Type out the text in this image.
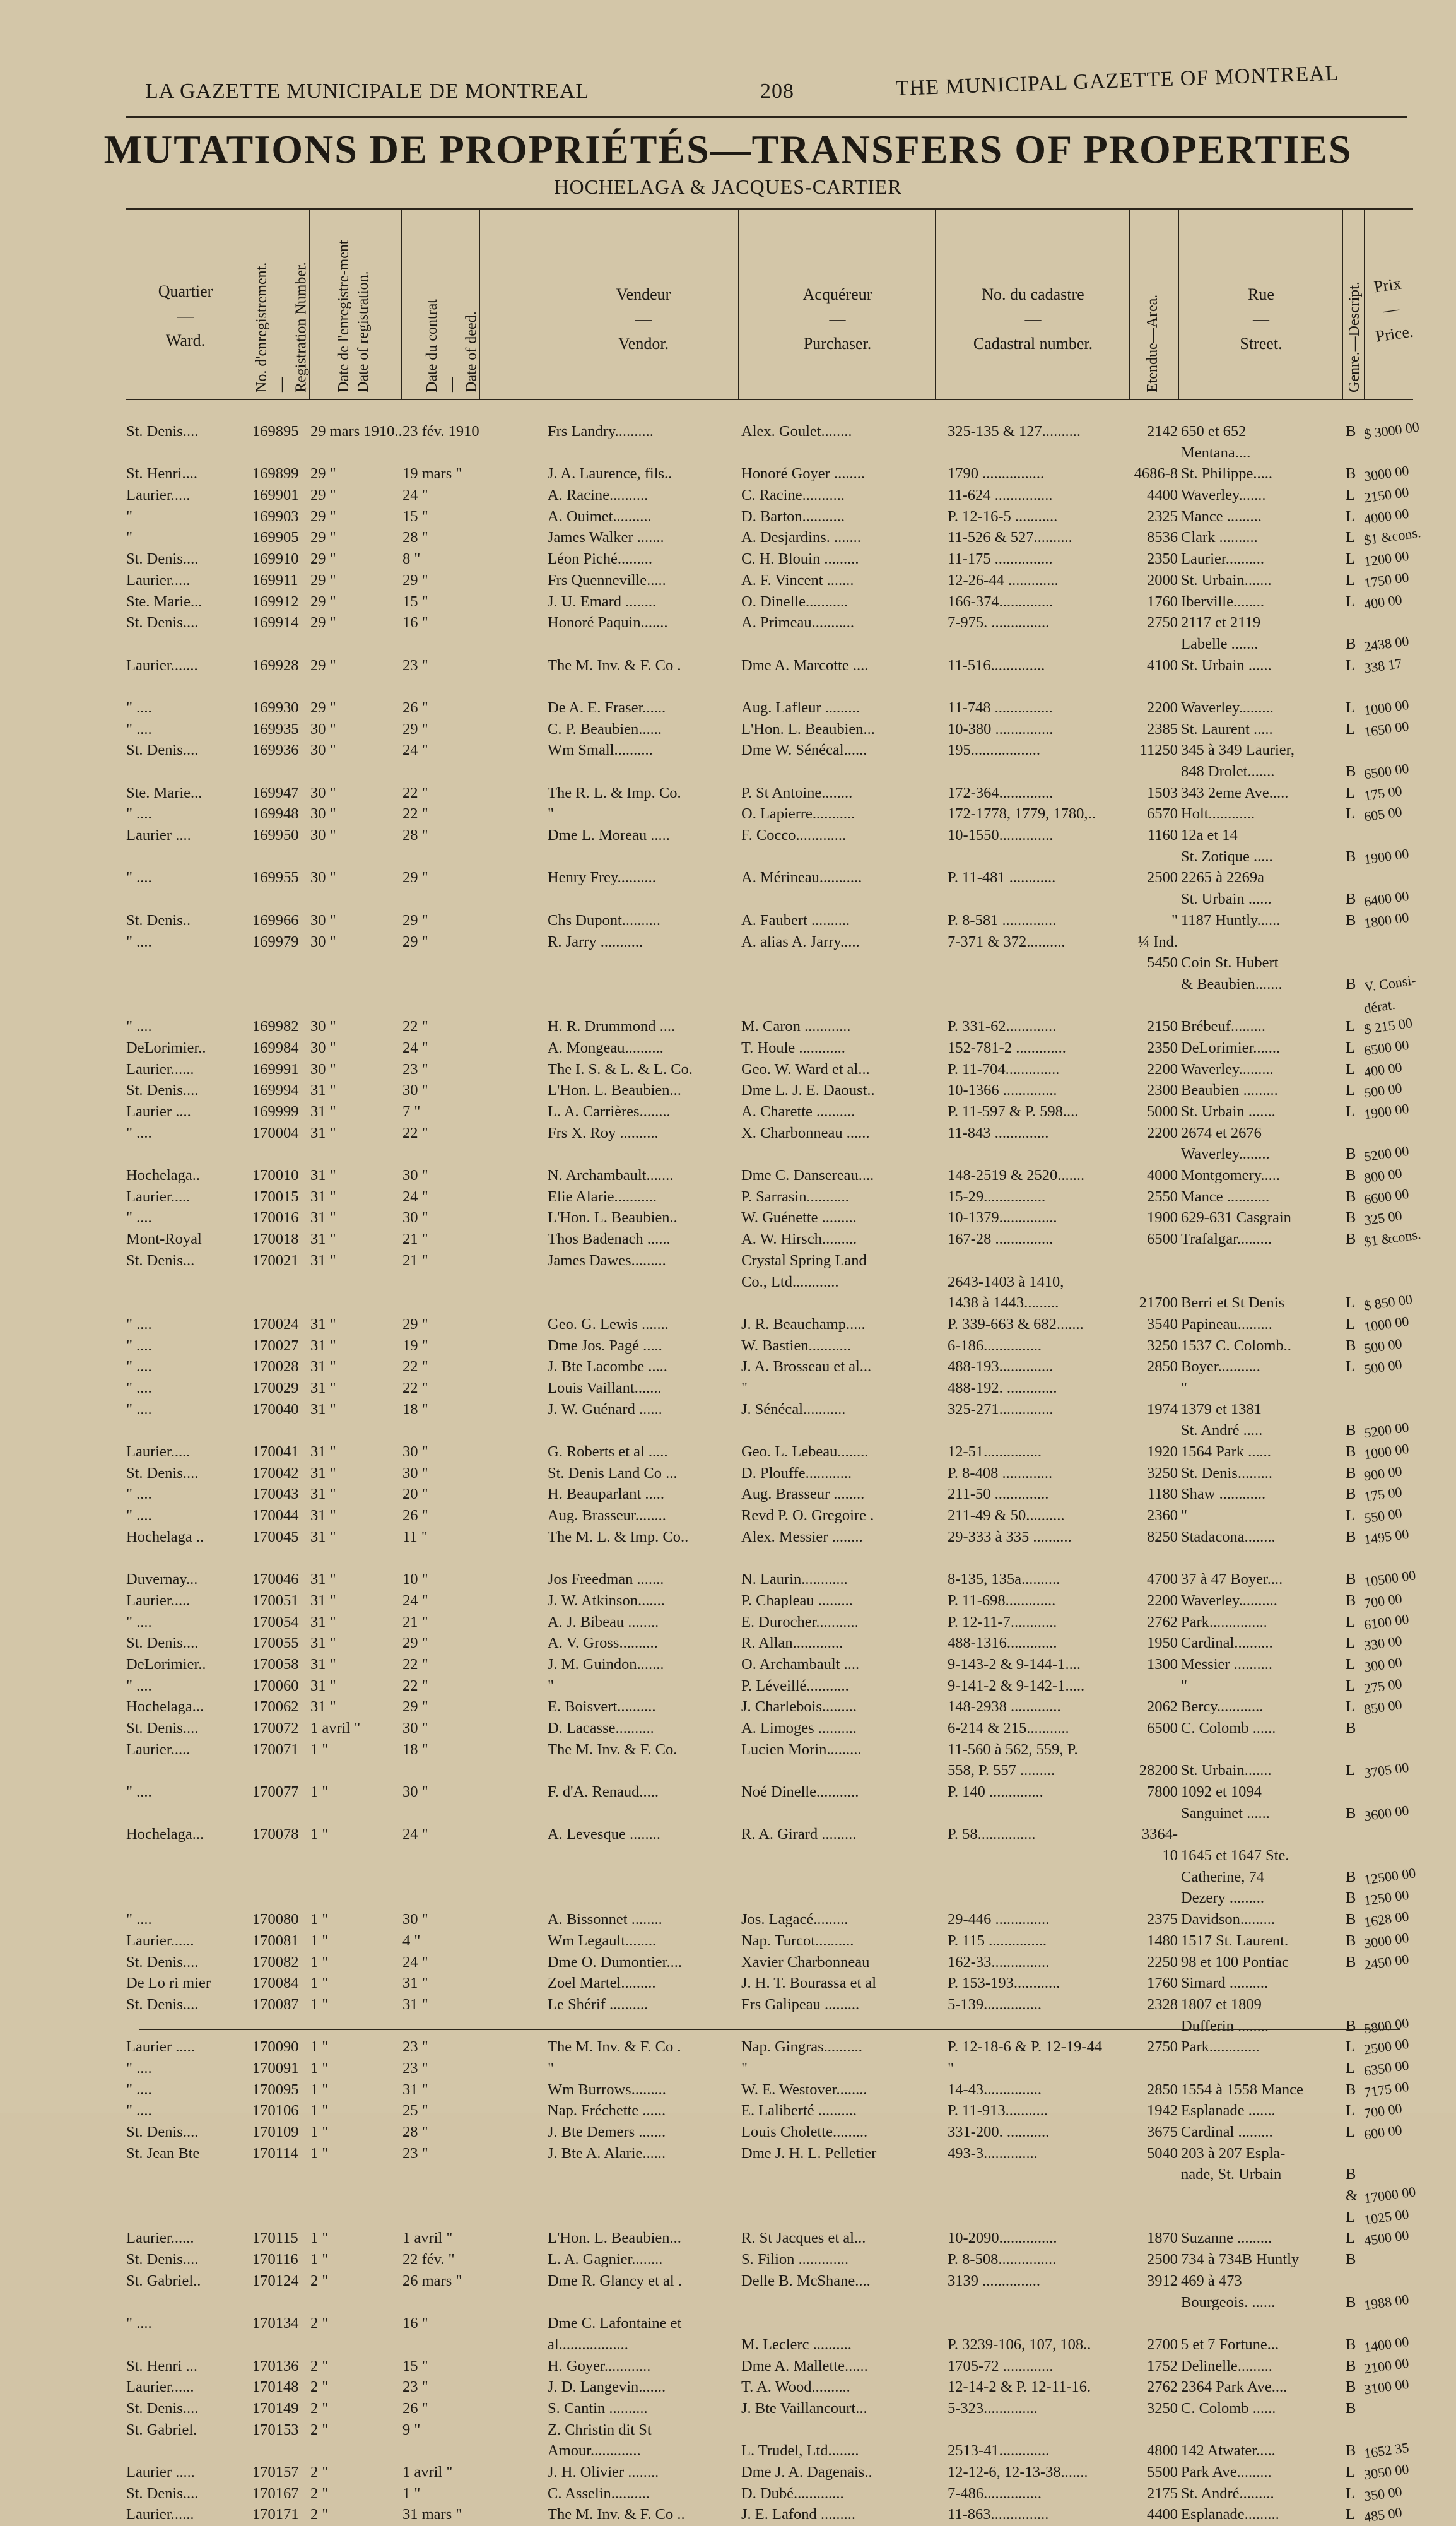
LA GAZETTE MUNICIPALE DE MONTREAL	208	THE MUNICIPAL GAZETTE OF MONTREAL
MUTATIONS DE PROPRIÉTÉS—TRANSFERS OF PROPERTIES
HOCHELAGA & JACQUES-CARTIER
Quartier
—
Ward.	No. d'enregistrement. — Registration Number. Date de l'enregistre-ment Date of registration.	Date du contrat — Date of deed.
Vendeur
—
Vendor.
Acquéreur
—
Purchaser.
No. du cadastre
—
Cadastral number.	Etendue—Area.
Rue
—
Street.	Genre.—Descript. Prix
—
Price.
St. Denis....	169895 29 mars 1910.. 23 fév. 1910	Frs Landry..........	Alex. Goulet........	325-135 & 127..........	2142 650 et 652	B $ 3000 00
Mentana....
St. Henri....	169899 29 "	19 mars "	J. A. Laurence, fils..	Honoré Goyer ........	1790 ................	4686-8 St. Philippe.....	B 3000 00
Laurier.....	169901 29 "	24 "	A. Racine..........	C. Racine...........	11-624 ...............	4400 Waverley.......	L 2150 00
"	169903 29 "	15 "	A. Ouimet..........	D. Barton...........	P. 12-16-5 ...........	2325 Mance .........	L 4000 00
"	169905 29 "	28 "	James Walker .......	A. Desjardins. .......	11-526 & 527..........	8536 Clark ..........	L $1 &cons.
St. Denis....	169910 29 "	8 "	Léon Piché.........	C. H. Blouin .........	11-175 ...............	2350 Laurier..........	L 1200 00
Laurier.....	169911 29 "	29 "	Frs Quenneville.....	A. F. Vincent .......	12-26-44 .............	2000 St. Urbain.......	L 1750 00
Ste. Marie...	169912 29 "	15 "	J. U. Emard ........	O. Dinelle...........	166-374..............	1760 Iberville........	L 400 00
St. Denis....	169914 29 "	16 "	Honoré Paquin.......	A. Primeau...........	7-975. ...............	2750 2117 et 2119
Labelle .......	B 2438 00
Laurier.......	169928 29 "	23 "	The M. Inv. & F. Co .	Dme A. Marcotte ....	11-516..............	4100 St. Urbain ......	L 338 17
" ....	169930 29 "	26 "	De A. E. Fraser......	Aug. Lafleur .........	11-748 ...............	2200 Waverley.........	L 1000 00
" ....	169935 30 "	29 "	C. P. Beaubien......	L'Hon. L. Beaubien...	10-380 ...............	2385 St. Laurent .....	L 1650 00
St. Denis....	169936 30 "	24 "	Wm Small..........	Dme W. Sénécal......	195..................	11250 345 à 349 Laurier,
848 Drolet.......	B 6500 00
Ste. Marie...	169947 30 "	22 "	The R. L. & Imp. Co.	P. St Antoine........	172-364..............	1503 343 2eme Ave.....	L 175 00
" ....	169948 30 "	22 "	"	O. Lapierre...........	172-1778, 1779, 1780,..	6570 Holt............	L 605 00
Laurier ....	169950 30 "	28 "	Dme L. Moreau .....	F. Cocco.............	10-1550..............	1160 12a et 14
St. Zotique .....	B 1900 00
" ....	169955 30 "	29 "	Henry Frey..........	A. Mérineau...........	P. 11-481 ............	2500 2265 à 2269a
St. Urbain ......	B 6400 00
St. Denis..	169966 30 "	29 "	Chs Dupont..........	A. Faubert ..........	P. 8-581 ..............	" 1187 Huntly......	B 1800 00
" ....	169979 30 "	29 "	R. Jarry ...........	A. alias A. Jarry.....	7-371 & 372..........	¼ Ind.
5450 Coin St. Hubert
& Beaubien.......	B V. Consi-
dérat.
" ....	169982 30 "	22 "	H. R. Drummond ....	M. Caron ............	P. 331-62.............	2150 Brébeuf.........	L $ 215 00
DeLorimier..	169984 30 "	24 "	A. Mongeau..........	T. Houle ............	152-781-2 .............	2350 DeLorimier.......	L 6500 00
Laurier......	169991 30 "	23 "	The I. S. & L. & L. Co.	Geo. W. Ward et al...	P. 11-704..............	2200 Waverley.........	L 400 00
St. Denis....	169994 31 "	30 "	L'Hon. L. Beaubien...	Dme L. J. E. Daoust..	10-1366 ..............	2300 Beaubien .........	L 500 00
Laurier ....	169999 31 "	7 "	L. A. Carrières........	A. Charette ..........	P. 11-597 & P. 598....	5000 St. Urbain .......	L 1900 00
" ....	170004 31 "	22 "	Frs X. Roy ..........	X. Charbonneau ......	11-843 ..............	2200 2674 et 2676
Waverley........	B 5200 00
Hochelaga..	170010 31 "	30 "	N. Archambault.......	Dme C. Dansereau....	148-2519 & 2520.......	4000 Montgomery.....	B 800 00
Laurier.....	170015 31 "	24 "	Elie Alarie...........	P. Sarrasin...........	15-29................	2550 Mance ...........	B 6600 00
" ....	170016 31 "	30 "	L'Hon. L. Beaubien..	W. Guénette .........	10-1379...............	1900 629-631 Casgrain	B 325 00
Mont-Royal	170018 31 "	21 "	Thos Badenach ......	A. W. Hirsch.........	167-28 ...............	6500 Trafalgar.........	B $1 &cons.
St. Denis...	170021 31 "	21 "	James Dawes.........	Crystal Spring Land
Co., Ltd............	2643-1403 à 1410,
1438 à 1443.........	21700 Berri et St Denis	L $ 850 00
" ....	170024 31 "	29 "	Geo. G. Lewis .......	J. R. Beauchamp.....	P. 339-663 & 682.......	3540 Papineau.........	L 1000 00
" ....	170027 31 "	19 "	Dme Jos. Pagé .....	W. Bastien...........	6-186...............	3250 1537 C. Colomb..	B 500 00
" ....	170028 31 "	22 "	J. Bte Lacombe .....	J. A. Brosseau et al...	488-193..............	2850 Boyer...........	L 500 00
" ....	170029 31 "	22 "	Louis Vaillant.......	"	488-192. .............	"
" ....	170040 31 "	18 "	J. W. Guénard ......	J. Sénécal...........	325-271..............	1974 1379 et 1381
St. André .....	B 5200 00
Laurier.....	170041 31 "	30 "	G. Roberts et al .....	Geo. L. Lebeau........	12-51...............	1920 1564 Park ......	B 1000 00
St. Denis....	170042 31 "	30 "	St. Denis Land Co ...	D. Plouffe............	P. 8-408 .............	3250 St. Denis.........	B 900 00
" ....	170043 31 "	20 "	H. Beauparlant .....	Aug. Brasseur ........	211-50 ..............	1180 Shaw ............	B 175 00
" ....	170044 31 "	26 "	Aug. Brasseur........	Revd P. O. Gregoire .	211-49 & 50..........	2360 "	L 550 00
Hochelaga ..	170045 31 "	11 "	The M. L. & Imp. Co..	Alex. Messier ........	29-333 à 335 ..........	8250 Stadacona........	B 1495 00
Duvernay...	170046 31 "	10 "	Jos Freedman .......	N. Laurin............	8-135, 135a..........	4700 37 à 47 Boyer....	B 10500 00
Laurier.....	170051 31 "	24 "	J. W. Atkinson.......	P. Chapleau .........	P. 11-698.............	2200 Waverley..........	B 700 00
" ....	170054 31 "	21 "	A. J. Bibeau ........	E. Durocher...........	P. 12-11-7............	2762 Park...............	L 6100 00
St. Denis....	170055 31 "	29 "	A. V. Gross..........	R. Allan.............	488-1316.............	1950 Cardinal..........	L 330 00
DeLorimier..	170058 31 "	22 "	J. M. Guindon.......	O. Archambault ....	9-143-2 & 9-144-1....	1300 Messier ..........	L 300 00
" ....	170060 31 "	22 "	"	P. Léveillé...........	9-141-2 & 9-142-1.....	"	L 275 00
Hochelaga...	170062 31 "	29 "	E. Boisvert..........	J. Charlebois.........	148-2938 .............	2062 Bercy............	L 850 00
St. Denis....	170072 1 avril "	30 "	D. Lacasse..........	A. Limoges ..........	6-214 & 215...........	6500 C. Colomb ......	B
Laurier.....	170071 1 "	18 "	The M. Inv. & F. Co.	Lucien Morin.........	11-560 à 562, 559, P.
558, P. 557 .........	28200 St. Urbain.......	L 3705 00
" ....	170077 1 "	30 "	F. d'A. Renaud.....	Noé Dinelle...........	P. 140 ..............	7800 1092 et 1094
Sanguinet ......	B 3600 00
Hochelaga...	170078 1 "	24 "	A. Levesque ........	R. A. Girard .........	P. 58...............	3364-
10 1645 et 1647 Ste.
Catherine, 74	B 12500 00
Dezery .........	B 1250 00
" ....	170080 1 "	30 "	A. Bissonnet ........	Jos. Lagacé.........	29-446 ..............	2375 Davidson.........	B 1628 00
Laurier......	170081 1 "	4 "	Wm Legault........	Nap. Turcot..........	P. 115 ...............	1480 1517 St. Laurent.	B 3000 00
St. Denis....	170082 1 "	24 "	Dme O. Dumontier....	Xavier Charbonneau	162-33...............	2250 98 et 100 Pontiac	B 2450 00
De Lo ri mier	170084 1 "	31 "	Zoel Martel.........	J. H. T. Bourassa et al	P. 153-193............	1760 Simard ..........
St. Denis....	170087 1 "	31 "	Le Shérif ..........	Frs Galipeau .........	5-139...............	2328 1807 et 1809
Dufferin ........	B 5800 00
Laurier .....	170090 1 "	23 "	The M. Inv. & F. Co .	Nap. Gingras..........	P. 12-18-6 & P. 12-19-44	2750 Park.............	L 2500 00
" ....	170091 1 "	23 "	"	"	"	L 6350 00
" ....	170095 1 "	31 "	Wm Burrows.........	W. E. Westover........	14-43...............	2850 1554 à 1558 Mance	B 7175 00
" ....	170106 1 "	25 "	Nap. Fréchette ......	E. Laliberté ..........	P. 11-913...........	1942 Esplanade .......	L 700 00
St. Denis....	170109 1 "	28 "	J. Bte Demers .......	Louis Cholette.........	331-200. ...........	3675 Cardinal .........	L 600 00
St. Jean Bte	170114 1 "	23 "	J. Bte A. Alarie......	Dme J. H. L. Pelletier	493-3..............	5040 203 à 207 Espla-
nade, St. Urbain	B
& 17000 00
L 1025 00
Laurier......	170115 1 "	1 avril "	L'Hon. L. Beaubien...	R. St Jacques et al...	10-2090...............	1870 Suzanne .........	L 4500 00
St. Denis....	170116 1 "	22 fév. "	L. A. Gagnier........	S. Filion .............	P. 8-508...............	2500 734 à 734B Huntly	B
St. Gabriel..	170124 2 "	26 mars "	Dme R. Glancy et al .	Delle B. McShane....	3139 ...............	3912 469 à 473
Bourgeois. ......	B 1988 00
" ....	170134 2 "	16 "	Dme C. Lafontaine et
al..................	M. Leclerc ..........	P. 3239-106, 107, 108..	2700 5 et 7 Fortune...	B 1400 00
St. Henri ...	170136 2 "	15 "	H. Goyer............	Dme A. Mallette......	1705-72 .............	1752 Delinelle.........	B 2100 00
Laurier......	170148 2 "	23 "	J. D. Langevin.......	T. A. Wood..........	12-14-2 & P. 12-11-16.	2762 2364 Park Ave....	B 3100 00
St. Denis....	170149 2 "	26 "	S. Cantin ..........	J. Bte Vaillancourt...	5-323..............	3250 C. Colomb ......	B
St. Gabriel.	170153 2 "	9 "	Z. Christin dit St
Amour.............	L. Trudel, Ltd........	2513-41.............	4800 142 Atwater.....	B 1652 35
Laurier .....	170157 2 "	1 avril "	J. H. Olivier ........	Dme J. A. Dagenais..	12-12-6, 12-13-38.......	5500 Park Ave.........	L 3050 00
St. Denis....	170167 2 "	1 "	C. Asselin..........	D. Dubé.............	7-486...............	2175 St. André.........	L 350 00
Laurier......	170171 2 "	31 mars "	The M. Inv. & F. Co ..	J. E. Lafond .........	11-863...............	4400 Esplanade.........	L 485 00
